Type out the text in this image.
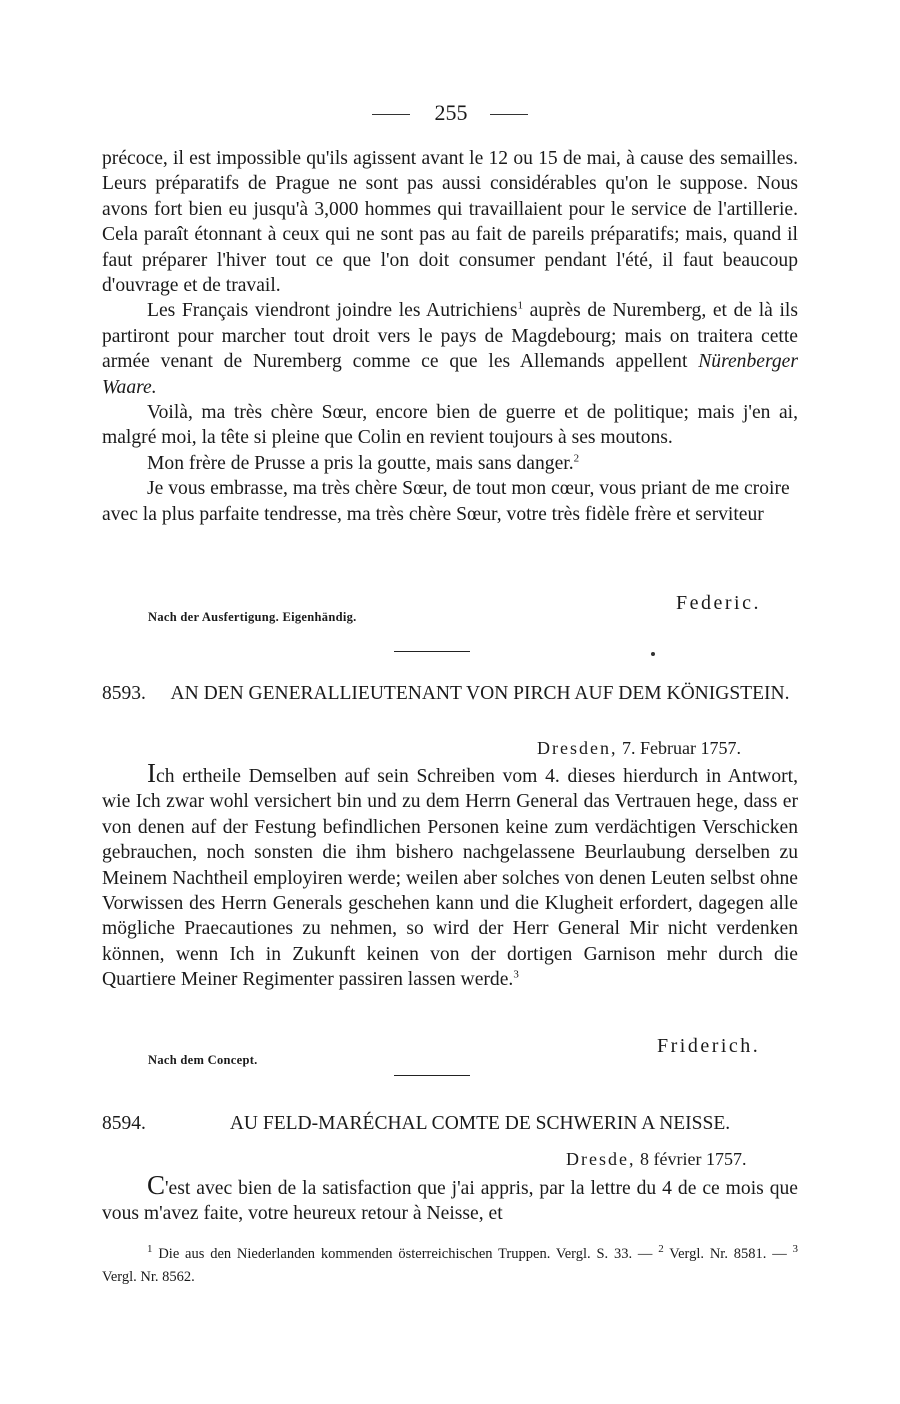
255

précoce, il est impossible qu'ils agissent avant le 12 ou 15 de mai, à cause des semailles. Leurs préparatifs de Prague ne sont pas aussi considérables qu'on le suppose. Nous avons fort bien eu jusqu'à 3,000 hommes qui travaillaient pour le service de l'artillerie. Cela paraît étonnant à ceux qui ne sont pas au fait de pareils préparatifs; mais, quand il faut préparer l'hiver tout ce que l'on doit consumer pendant l'été, il faut beaucoup d'ouvrage et de travail.

Les Français viendront joindre les Autrichiens$^1$ auprès de Nuremberg, et de là ils partiront pour marcher tout droit vers le pays de Magdebourg; mais on traitera cette armée venant de Nuremberg comme ce que les Allemands appellent Nürenberger Waare.

Voilà, ma très chère Sœur, encore bien de guerre et de politique; mais j'en ai, malgré moi, la tête si pleine que Colin en revient toujours à ses moutons.

Mon frère de Prusse a pris la goutte, mais sans danger.$^2$

Je vous embrasse, ma très chère Sœur, de tout mon cœur, vous priant de me croire avec la plus parfaite tendresse, ma très chère Sœur, votre très fidèle frère et serviteur

Federic.
Nach der Ausfertigung. Eigenhändig.
8593.	AN DEN GENERALLIEUTENANT VON PIRCH AUF DEM KÖNIGSTEIN.
Dresden, 7. Februar 1757.

Ich ertheile Demselben auf sein Schreiben vom 4. dieses hierdurch in Antwort, wie Ich zwar wohl versichert bin und zu dem Herrn General das Vertrauen hege, dass er von denen auf der Festung befindlichen Personen keine zum verdächtigen Verschicken gebrauchen, noch sonsten die ihm bishero nachgelassene Beurlaubung derselben zu Meinem Nachtheil employiren werde; weilen aber solches von denen Leuten selbst ohne Vorwissen des Herrn Generals geschehen kann und die Klugheit erfordert, dagegen alle mögliche Praecautiones zu nehmen, so wird der Herr General Mir nicht verdenken können, wenn Ich in Zukunft keinen von der dortigen Garnison mehr durch die Quartiere Meiner Regimenter passiren lassen werde.$^3$

Friderich.
Nach dem Concept.
8594.	AU FELD-MARÉCHAL COMTE DE SCHWERIN A NEISSE.
Dresde, 8 février 1757.

C'est avec bien de la satisfaction que j'ai appris, par la lettre du 4 de ce mois que vous m'avez faite, votre heureux retour à Neisse, et

$^1$ Die aus den Niederlanden kommenden österreichischen Truppen. Vergl. S. 33. — $^2$ Vergl. Nr. 8581. — $^3$ Vergl. Nr. 8562.
